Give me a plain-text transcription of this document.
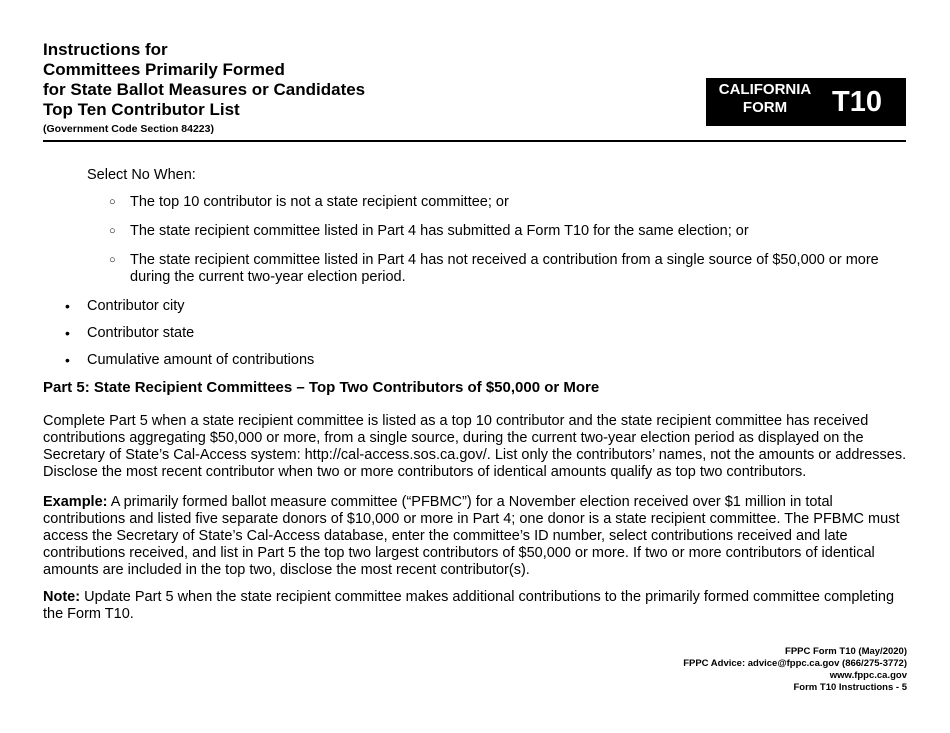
Instructions for
Committees Primarily Formed
for State Ballot Measures or Candidates
Top Ten Contributor List
(Government Code Section 84223)
CALIFORNIA
FORM	T10
Select No When:
○ The top 10 contributor is not a state recipient committee; or
○ The state recipient committee listed in Part 4 has submitted a Form T10 for the same election; or
○ The state recipient committee listed in Part 4 has not received a contribution from a single source of $50,000 or more during the current two-year election period.
• Contributor city
• Contributor state
• Cumulative amount of contributions
Part 5: State Recipient Committees – Top Two Contributors of $50,000 or More

Complete Part 5 when a state recipient committee is listed as a top 10 contributor and the state recipient committee has received contributions aggregating $50,000 or more, from a single source, during the current two-year election period as displayed on the Secretary of State’s Cal-Access system: http://cal-access.sos.ca.gov/. List only the contributors’ names, not the amounts or addresses. Disclose the most recent contributor when two or more contributors of identical amounts qualify as top two contributors.

Example: A primarily formed ballot measure committee (“PFBMC”) for a November election received over $1 million in total contributions and listed five separate donors of $10,000 or more in Part 4; one donor is a state recipient committee. The PFBMC must access the Secretary of State’s Cal-Access database, enter the committee’s ID number, select contributions received and late contributions received, and list in Part 5 the top two largest contributors of $50,000 or more. If two or more contributors of identical amounts are included in the top two, disclose the most recent contributor(s).

Note: Update Part 5 when the state recipient committee makes additional contributions to the primarily formed committee completing the Form T10.

FPPC Form T10 (May/2020)
FPPC Advice: advice@fppc.ca.gov (866/275-3772)
www.fppc.ca.gov
Form T10 Instructions - 5
